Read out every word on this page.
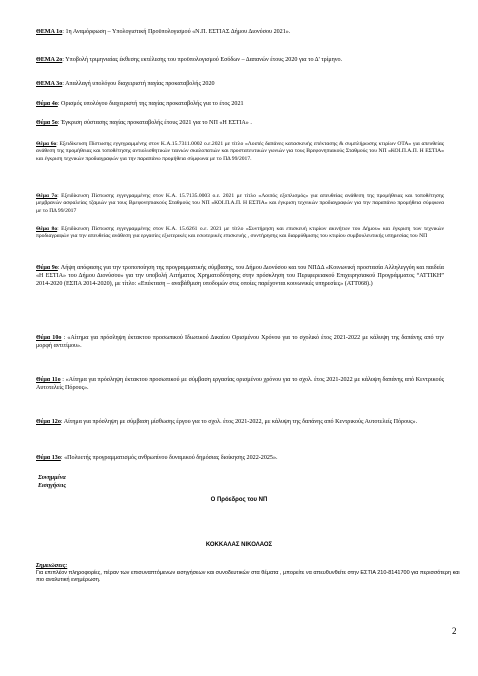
ΘΕΜΑ 1ο: 1η Αναμόρφωση – Υπολογιστική Προϋπολογισμού «Ν.Π. ΕΣΤΙΑΣ Δήμου Διονύσου 2021».
ΘΕΜΑ 2ο: Υποβολή τριμηνιαίας έκθεσης εκτέλεσης του προϋπολογισμού Εσόδων – Δαπανών έτους 2020 για το Δ' τρίμηνο.
ΘΕΜΑ 3ο: Απαλλαγή υπολόγου διαχειριστή παγίας προκαταβολής 2020
Θέμα 4ο: Ορισμός υπολόγου διαχειριστή της παγίας προκαταβολής για το έτος 2021
Θέμα 5ο: Έγκριση σύστασης παγίας προκαταβολής έτους 2021 για το ΝΠ «Η ΕΣΤΙΑ» .
Θέμα 6ο: Εξειδίκευση Πίστωσης εγγεγραμμένης στον Κ.Α.15.7311.0002 ο.ε.2021 με τίτλο «Λοιπές δαπάνες κατασκευής επέκτασης & συμπλήρωσης κτιρίων ΟΤΑ» για απευθείας ανάθεση της προμήθειας και τοποθέτησης αντιολισθητικών ταινιών σκαλοπατιών και προστατευτικών γωνιών για τους Βρεφονηπιακούς Σταθμούς του ΝΠ «ΚΟΙ.Π.Α.Π. Η ΕΣΤΙΑ» και έγκριση τεχνικών προδιαγραφών για την παραπάνω προμήθεια σύμφωνα με το ΠΔ 99/2017.
Θέμα 7ο: Εξειδίκευση Πίστωσης εγγεγραμμένης στον Κ.Α. 15.7135.0003 ο.ε. 2021 με τίτλο «Λοιπός εξοπλισμός» για απευθείας ανάθεση της προμήθειας και τοποθέτησης μεμβρανών ασφαλείας τζαμιών για τους Βρεφονηπιακούς Σταθμούς του ΝΠ «ΚΟΙ.Π.Α.Π. Η ΕΣΤΙΑ» και έγκριση τεχνικών προδιαγραφών για την παραπάνω προμήθεια σύμφωνα με το ΠΔ 99/2017
Θέμα 8ο: Εξειδίκευση Πίστωσης εγγεγραμμένης στον Κ.Α. 15.6261 ο.ε. 2021 με τίτλο «Συντήρηση και επισκευή κτιρίων ακινήτων του Δήμου» και έγκριση των τεχνικών προδιαγραφών για την απευθείας ανάθεση για εργασίες εξωτερικές και εσωτερικές επισκευής , συντήρησης και διαρρύθμισης του κτιρίου συμβουλευτικής υπηρεσίας του ΝΠ
Θέμα 9ο: Λήψη απόφασης για την τροποποίηση της προγραμματικής σύμβασης, του Δήμου Διονύσου και του ΝΠΔΔ «Κοινωνική προστασία Αλληλεγγύη και παιδεία «Η ΕΣΤΙΑ» του Δήμου Διονύσου» για την υποβολή Αιτήματος Χρηματοδότησης στην πρόσκληση του Περιφερειακού Επιχειρησιακού Προγράμματος “ΑΤΤΙΚΗ” 2014-2020 (ΕΣΠΑ 2014-2020), με τίτλο: «Επέκταση – αναβάθμιση υποδομών στις οποίες παρέχονται κοινωνικές υπηρεσίες» (ΑΤΤ068).)
Θέμα 10ο : «Αίτημα για πρόσληψη έκτακτου προσωπικού Ιδιωτικού Δικαίου Ορισμένου Χρόνου για το σχολικό έτος 2021-2022 με κάλυψη της δαπάνης από την μορφή αντιτίμου».
Θέμα 11ο : «Αίτημα για πρόσληψη έκτακτου προσωπικού με σύμβαση εργασίας ορισμένου χρόνου για το σχολ. έτος 2021-2022 με κάλυψη δαπάνης από Κεντρικούς Αυτοτελείς Πόρους».
Θέμα 12ο: Αίτημα για πρόσληψη με σύμβαση μίσθωσης έργου για το σχολ. έτος 2021-2022, με κάλυψη της δαπάνης από Κεντρικούς Αυτοτελείς Πόρους».
Θέμα 13ο: «Πολυετής προγραμματισμός ανθρωπίνου δυναμικού δημόσιας διοίκησης 2022-2025».
Συνημμένα
Εισηγήσεις
Ο Πρόεδρος του ΝΠ
ΚΟΚΚΑΛΑΣ ΝΙΚΟΛΑΟΣ
Σημειώσεις:
Για επιπλέον πληροφορίες, πέραν των επισυναπτόμενων εισηγήσεων και συνοδευτικών στα θέματα , μπορείτε να απευθυνθείτε στην ΕΣΤΙΑ 210-8141700 για περισσότερη και πιο αναλυτική ενημέρωση.
2
